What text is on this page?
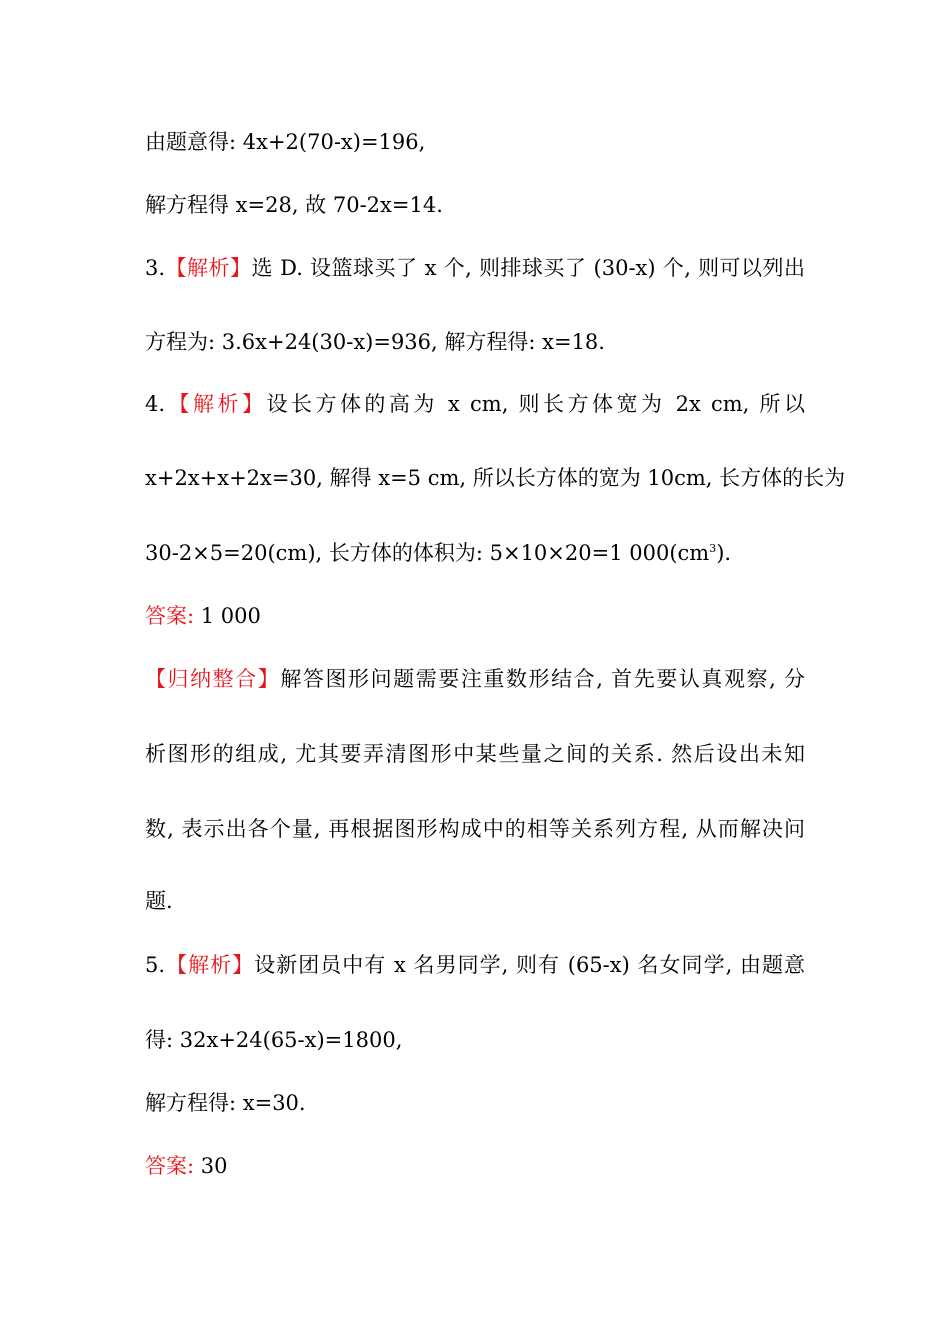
由题意得: 4x+2(70-x)=196,
解方程得 x=28, 故 70-2x=14.
3.【解析】选 D. 设篮球买了 x 个, 则排球买了 (30-x) 个, 则可以列出
方程为: 3.6x+24(30-x)=936, 解方程得: x=18.
4.【解析】设长方体的高为 x cm, 则长方体宽为 2x cm, 所以
x+2x+x+2x=30, 解得 x=5 cm, 所以长方体的宽为 10cm, 长方体的长为
30-2×5=20(cm), 长方体的体积为: 5×10×20=1 $000(cm^3)$.
答案: 1 000
【归纳整合】解答图形问题需要注重数形结合, 首先要认真观察, 分
析图形的组成, 尤其要弄清图形中某些量之间的关系. 然后设出未知
数, 表示出各个量, 再根据图形构成中的相等关系列方程, 从而解决问
题.
5.【解析】设新团员中有 x 名男同学, 则有 (65-x) 名女同学, 由题意
得: 32x+24(65-x)=1800,
解方程得: x=30.
答案: 30
